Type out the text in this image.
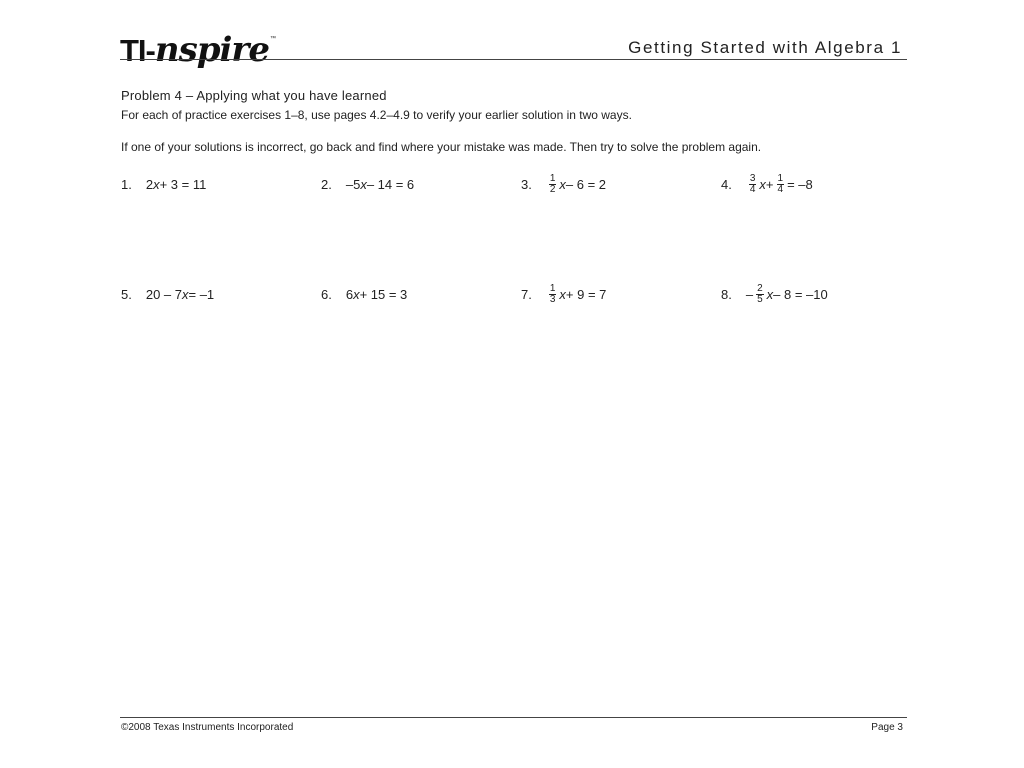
TI-nspire™	Getting Started with Algebra 1
Problem 4 – Applying what you have learned
For each of practice exercises 1–8, use pages 4.2–4.9 to verify your earlier solution in two ways.
If one of your solutions is incorrect, go back and find where your mistake was made. Then try to solve the problem again.
1. 2 x + 3 = 11	2. –5 x – 14 = 6	3. $\frac{1}{2}$ x – 6 = 2	4. $\frac{3}{4}$ $x + \frac{1}{4} = -8$
5. 20 – 7 x = –1	6. 6 x + 15 = 3	7. $\frac{1}{3}$ x + 9 = 7	8. – $\frac{2}{5}$ x – 8 = –10
©2008 Texas Instruments Incorporated	Page 3
